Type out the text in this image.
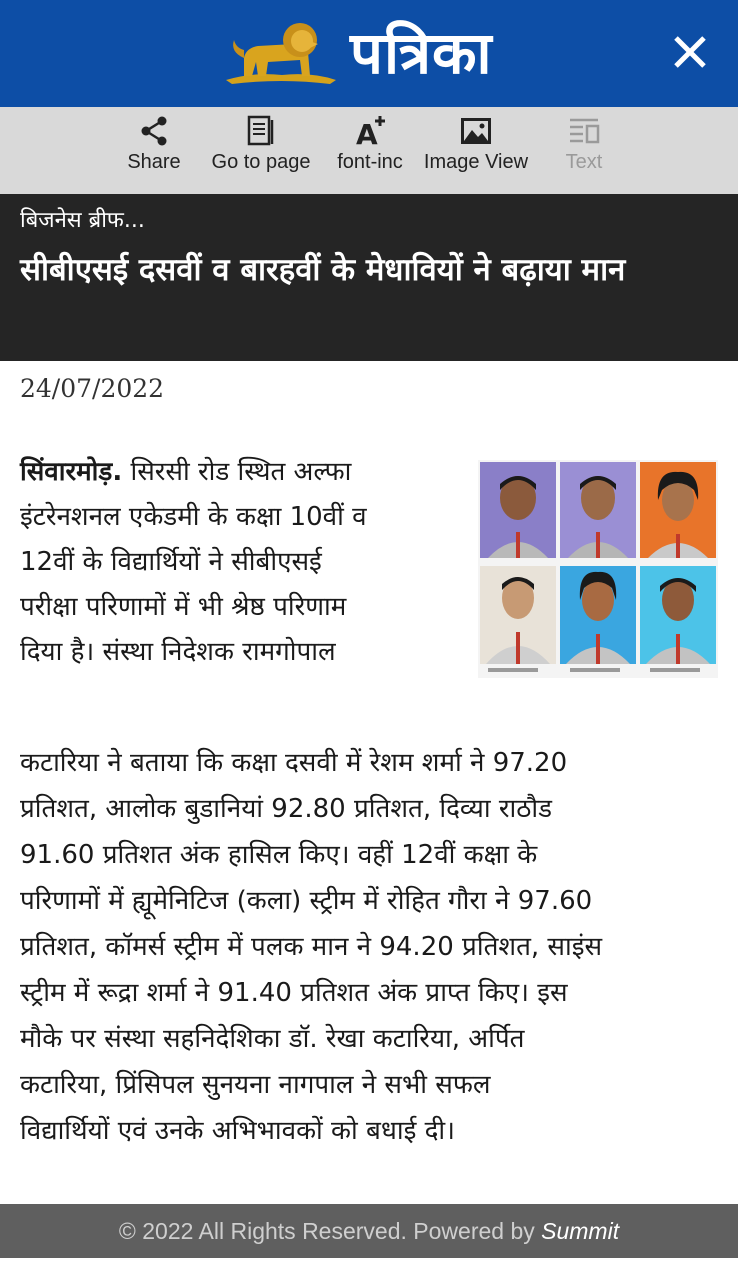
पत्रिका
Share Go to page
A
font-inc Image View Text
बिजनेस ब्रीफ...
सीबीएसई दसवीं व बारहवीं के मेधावियों ने बढ़ाया मान
24/07/2022
सिंवारमोड़. सिरसी रोड स्थित अल्फा
इंटरेनशनल एकेडमी के कक्षा 10वीं व
12वीं के विद्यार्थियों ने सीबीएसई
परीक्षा परिणामों में भी श्रेष्ठ परिणाम
दिया है। संस्था निदेशक रामगोपाल
कटारिया ने बताया कि कक्षा दसवी में रेशम शर्मा ने 97.20
प्रतिशत, आलोक बुडानियां 92.80 प्रतिशत, दिव्या राठौड
91.60 प्रतिशत अंक हासिल किए। वहीं 12वीं कक्षा के
परिणामों में ह्यूमेनिटिज (कला) स्ट्रीम में रोहित गौरा ने 97.60
प्रतिशत, कॉमर्स स्ट्रीम में पलक मान ने 94.20 प्रतिशत, साइंस
स्ट्रीम में रूद्रा शर्मा ने 91.40 प्रतिशत अंक प्राप्त किए। इस
मौके पर संस्था सहनिदेशिका डॉ. रेखा कटारिया, अर्पित
कटारिया, प्रिंसिपल सुनयना नागपाल ने सभी सफल
विद्यार्थियों एवं उनके अभिभावकों को बधाई दी।
© 2022 All Rights Reserved. Powered by Summit
